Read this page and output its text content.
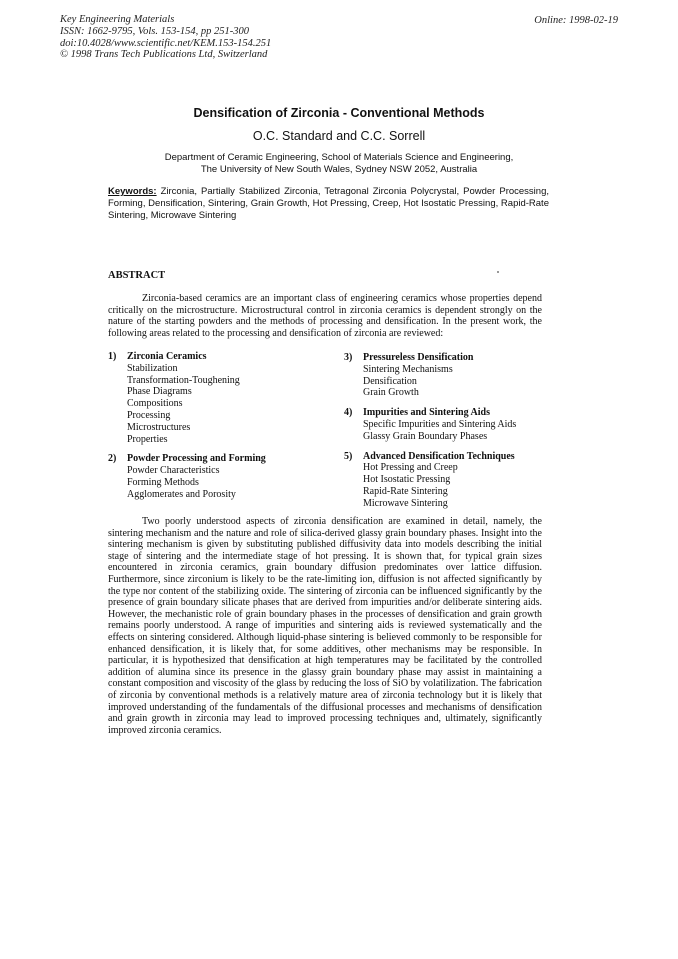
Key Engineering Materials
ISSN: 1662-9795, Vols. 153-154, pp 251-300
doi:10.4028/www.scientific.net/KEM.153-154.251
© 1998 Trans Tech Publications Ltd, Switzerland
Online: 1998-02-19
Densification of Zirconia - Conventional Methods
O.C. Standard and C.C. Sorrell
Department of Ceramic Engineering, School of Materials Science and Engineering,
The University of New South Wales, Sydney NSW 2052, Australia
Keywords: Zirconia, Partially Stabilized Zirconia, Tetragonal Zirconia Polycrystal, Powder Processing, Forming, Densification, Sintering, Grain Growth, Hot Pressing, Creep, Hot Isostatic Pressing, Rapid-Rate Sintering, Microwave Sintering
ABSTRACT
Zirconia-based ceramics are an important class of engineering ceramics whose properties depend critically on the microstructure. Microstructural control in zirconia ceramics is dependent strongly on the nature of the starting powders and the methods of processing and densification. In the present work, the following areas related to the processing and densification of zirconia are reviewed:
1) Zirconia Ceramics
Stabilization
Transformation-Toughening
Phase Diagrams
Compositions
Processing
Microstructures
Properties
2) Powder Processing and Forming
Powder Characteristics
Forming Methods
Agglomerates and Porosity
3) Pressureless Densification
Sintering Mechanisms
Densification
Grain Growth
4) Impurities and Sintering Aids
Specific Impurities and Sintering Aids
Glassy Grain Boundary Phases
5) Advanced Densification Techniques
Hot Pressing and Creep
Hot Isostatic Pressing
Rapid-Rate Sintering
Microwave Sintering
Two poorly understood aspects of zirconia densification are examined in detail, namely, the sintering mechanism and the nature and role of silica-derived glassy grain boundary phases. Insight into the sintering mechanism is given by substituting published diffusivity data into models describing the initial stage of sintering and the intermediate stage of hot pressing. It is shown that, for typical grain sizes encountered in zirconia ceramics, grain boundary diffusion predominates over lattice diffusion. Furthermore, since zirconium is likely to be the rate-limiting ion, diffusion is not affected significantly by the type nor content of the stabilizing oxide. The sintering of zirconia can be influenced significantly by the presence of grain boundary silicate phases that are derived from impurities and/or deliberate sintering aids. However, the mechanistic role of grain boundary phases in the processes of densification and grain growth remains poorly understood. A range of impurities and sintering aids is reviewed systematically and the effects on sintering considered. Although liquid-phase sintering is believed commonly to be responsible for enhanced densification, it is likely that, for some additives, other mechanisms may be responsible. In particular, it is hypothesized that densification at high temperatures may be facilitated by the controlled addition of alumina since its presence in the glassy grain boundary phase may assist in maintaining a constant composition and viscosity of the glass by reducing the loss of SiO by volatilization. The fabrication of zirconia by conventional methods is a relatively mature area of zirconia technology but it is likely that improved understanding of the fundamentals of the diffusional processes and mechanisms of densification and grain growth in zirconia may lead to improved processing techniques and, ultimately, significantly improved zirconia ceramics.
